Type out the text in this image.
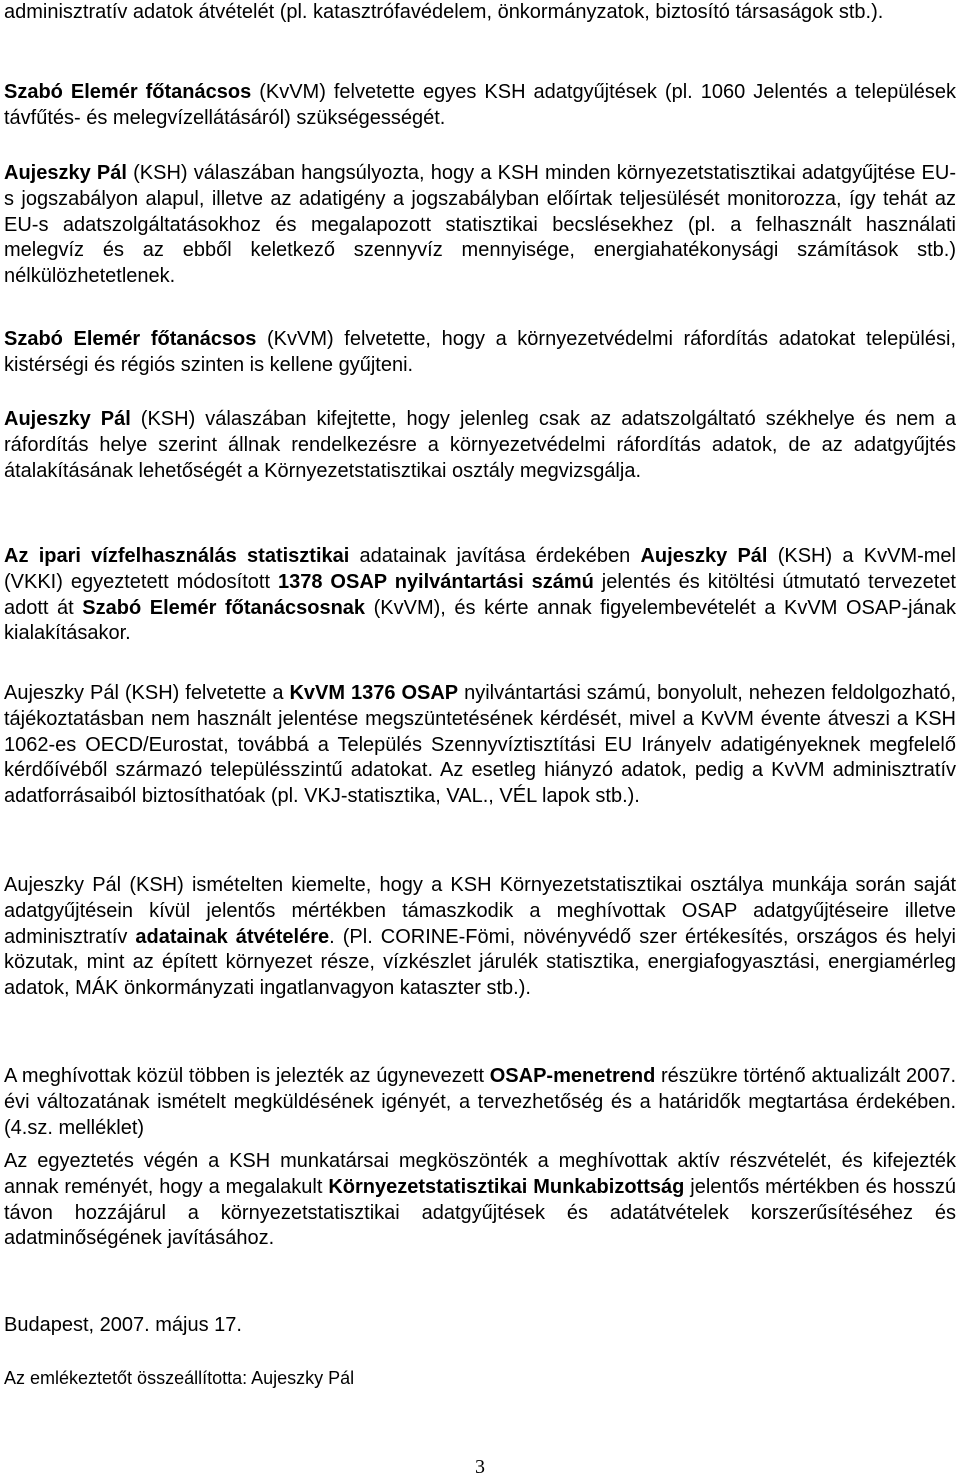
adminisztratív adatok átvételét (pl. katasztrófavédelem, önkormányzatok, biztosító társaságok stb.).

Szabó Elemér főtanácsos (KvVM) felvetette egyes KSH adatgyűjtések (pl. 1060 Jelentés a települések távfűtés- és melegvízellátásáról) szükségességét.

Aujeszky Pál (KSH) válaszában hangsúlyozta, hogy a KSH minden környezetstatisztikai adatgyűjtése EU-s jogszabályon alapul, illetve az adatigény a jogszabályban előírtak teljesülését monitorozza, így tehát az EU-s adatszolgáltatásokhoz és megalapozott statisztikai becslésekhez (pl. a felhasznált használati melegvíz és az ebből keletkező szennyvíz mennyisége, energiahatékonysági számítások stb.) nélkülözhetetlenek.

Szabó Elemér főtanácsos (KvVM) felvetette, hogy a környezetvédelmi ráfordítás adatokat települési, kistérségi és régiós szinten is kellene gyűjteni.

Aujeszky Pál (KSH) válaszában kifejtette, hogy jelenleg csak az adatszolgáltató székhelye és nem a ráfordítás helye szerint állnak rendelkezésre a környezetvédelmi ráfordítás adatok, de az adatgyűjtés átalakításának lehetőségét a Környezetstatisztikai osztály megvizsgálja.

Az ipari vízfelhasználás statisztikai adatainak javítása érdekében Aujeszky Pál (KSH) a KvVM-mel (VKKI) egyeztetett módosított 1378 OSAP nyilvántartási számú jelentés és kitöltési útmutató tervezetet adott át Szabó Elemér főtanácsosnak (KvVM), és kérte annak figyelembevételét a KvVM OSAP-jának kialakításakor.

Aujeszky Pál (KSH) felvetette a KvVM 1376 OSAP nyilvántartási számú, bonyolult, nehezen feldolgozható, tájékoztatásban nem használt jelentése megszüntetésének kérdését, mivel a KvVM évente átveszi a KSH 1062-es OECD/Eurostat, továbbá a Település Szennyvíztisztítási EU Irányelv adatigényeknek megfelelő kérdőívéből származó településszintű adatokat. Az esetleg hiányzó adatok, pedig a KvVM adminisztratív adatforrásaiból biztosíthatóak (pl. VKJ-statisztika, VAL., VÉL lapok stb.).

Aujeszky Pál (KSH) ismételten kiemelte, hogy a KSH Környezetstatisztikai osztálya munkája során saját adatgyűjtésein kívül jelentős mértékben támaszkodik a meghívottak OSAP adatgyűjtéseire illetve adminisztratív adatainak átvételére. (Pl. CORINE-Fömi, növényvédő szer értékesítés, országos és helyi közutak, mint az épített környezet része, vízkészlet járulék statisztika, energiafogyasztási, energiamérleg adatok, MÁK önkormányzati ingatlanvagyon kataszter stb.).

A meghívottak közül többen is jelezték az úgynevezett OSAP-menetrend részükre történő aktualizált 2007. évi változatának ismételt megküldésének igényét, a tervezhetőség és a határidők megtartása érdekében. (4.sz. melléklet)

Az egyeztetés végén a KSH munkatársai megköszönték a meghívottak aktív részvételét, és kifejezték annak reményét, hogy a megalakult Környezetstatisztikai Munkabizottság jelentős mértékben és hosszú távon hozzájárul a környezetstatisztikai adatgyűjtések és adatátvételek korszerűsítéséhez és adatminőségének javításához.

Budapest, 2007. május 17.

Az emlékeztetőt összeállította: Aujeszky Pál

3
